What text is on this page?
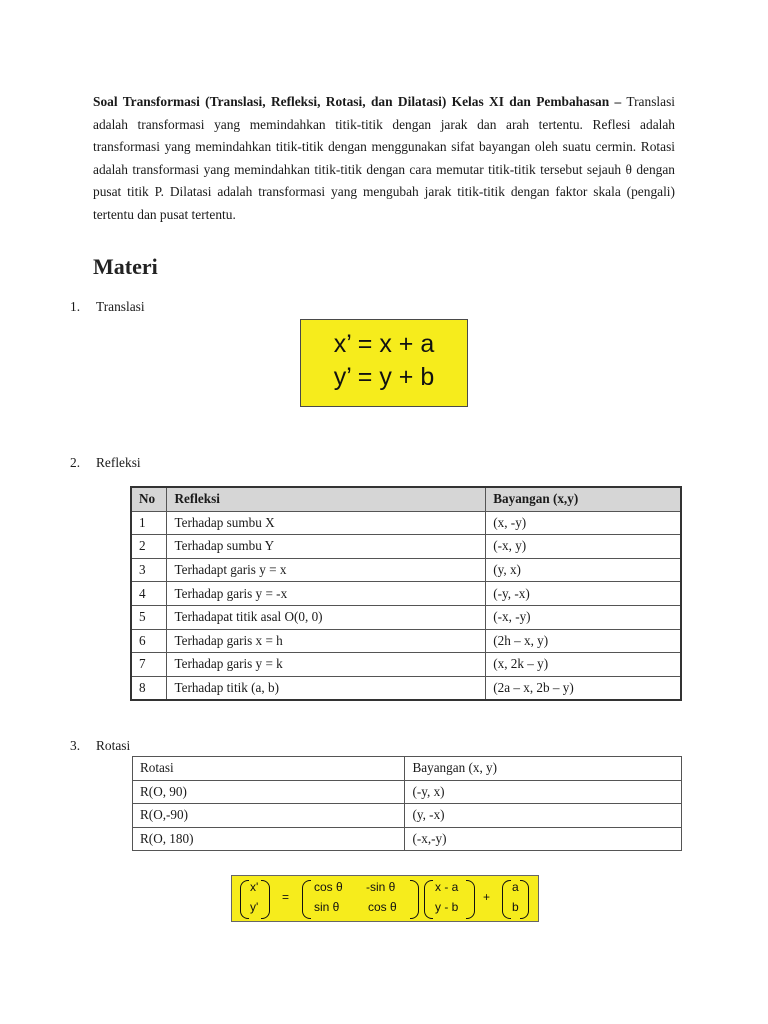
Soal Transformasi (Translasi, Refleksi, Rotasi, dan Dilatasi) Kelas XI dan Pembahasan – Translasi adalah transformasi yang memindahkan titik-titik dengan jarak dan arah tertentu. Reflesi adalah transformasi yang memindahkan titik-titik dengan menggunakan sifat bayangan oleh suatu cermin. Rotasi adalah transformasi yang memindahkan titik-titik dengan cara memutar titik-titik tersebut sejauh θ dengan pusat titik P. Dilatasi adalah transformasi yang mengubah jarak titik-titik dengan faktor skala (pengali) tertentu dan pusat tertentu.

Materi
1. Translasi
x’ = x + a
y’ = y + b
2. Refleksi
No	Refleksi	Bayangan (x,y)
1	Terhadap sumbu X	(x, -y)
2	Terhadap sumbu Y	(-x, y)
3	Terhadapt garis y = x	(y, x)
4	Terhadap garis y = -x	(-y, -x)
5	Terhadapat titik asal O(0, 0)	(-x, -y)
6	Terhadap garis x = h	(2h – x, y)
7	Terhadap garis y = k	(x, 2k – y)
8	Terhadap titik (a, b)	(2a – x, 2b – y)
3. Rotasi
Rotasi	Bayangan (x, y)
R(O, 90)	(-y, x)
R(O,-90)	(y, -x)
R(O, 180)	(-x,-y)
x'
y'
=
cos θ -sin θ
sin θ cos θ
x - a
y - b
+
a
b
